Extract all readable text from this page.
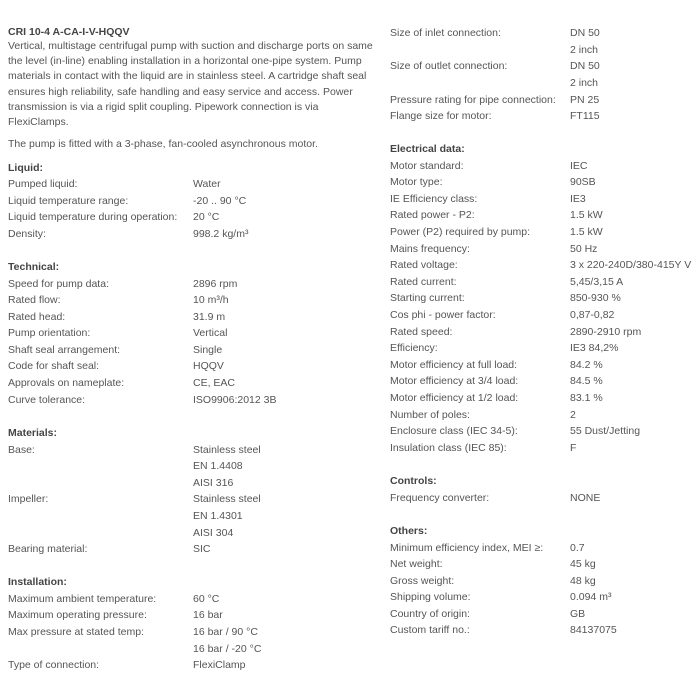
CRI 10-4 A-CA-I-V-HQQV
Vertical, multistage centrifugal pump with suction and discharge ports on same the level (in-line) enabling installation in a horizontal one-pipe system. Pump materials in contact with the liquid are in stainless steel. A cartridge shaft seal ensures high reliability, safe handling and easy service and access. Power transmission is via a rigid split coupling. Pipework connection is via FlexiClamps.
The pump is fitted with a 3-phase, fan-cooled asynchronous motor.
Liquid:
Pumped liquid:	Water
Liquid temperature range:	-20 .. 90 °C
Liquid temperature during operation: 20 °C
Density:	998.2 kg/m³
Technical:
Speed for pump data:	2896 rpm
Rated flow:	10 m³/h
Rated head:	31.9 m
Pump orientation:	Vertical
Shaft seal arrangement:	Single
Code for shaft seal:	HQQV
Approvals on nameplate:	CE, EAC
Curve tolerance:	ISO9906:2012 3B
Materials:
Base:	Stainless steel
EN 1.4408
AISI 316
Impeller:	Stainless steel
EN 1.4301
AISI 304
Bearing material:	SIC
Installation:
Maximum ambient temperature:	60 °C
Maximum operating pressure:	16 bar
Max pressure at stated temp:	16 bar / 90 °C
16 bar / -20 °C
Type of connection:	FlexiClamp
Size of inlet connection:	DN 50
2 inch
Size of outlet connection:	DN 50
2 inch
Pressure rating for pipe connection: PN 25
Flange size for motor:	FT115
Electrical data:
Motor standard:	IEC
Motor type:	90SB
IE Efficiency class:	IE3
Rated power - P2:	1.5 kW
Power (P2) required by pump:	1.5 kW
Mains frequency:	50 Hz
Rated voltage:	3 x 220-240D/380-415Y V
Rated current:	5,45/3,15 A
Starting current:	850-930 %
Cos phi - power factor:	0,87-0,82
Rated speed:	2890-2910 rpm
Efficiency:	IE3 84,2%
Motor efficiency at full load:	84.2 %
Motor efficiency at 3/4 load:	84.5 %
Motor efficiency at 1/2 load:	83.1 %
Number of poles:	2
Enclosure class (IEC 34-5):	55 Dust/Jetting
Insulation class (IEC 85):	F
Controls:
Frequency converter:	NONE
Others:
Minimum efficiency index, MEI ≥:	0.7
Net weight:	45 kg
Gross weight:	48 kg
Shipping volume:	0.094 m³
Country of origin:	GB
Custom tariff no.:	84137075
